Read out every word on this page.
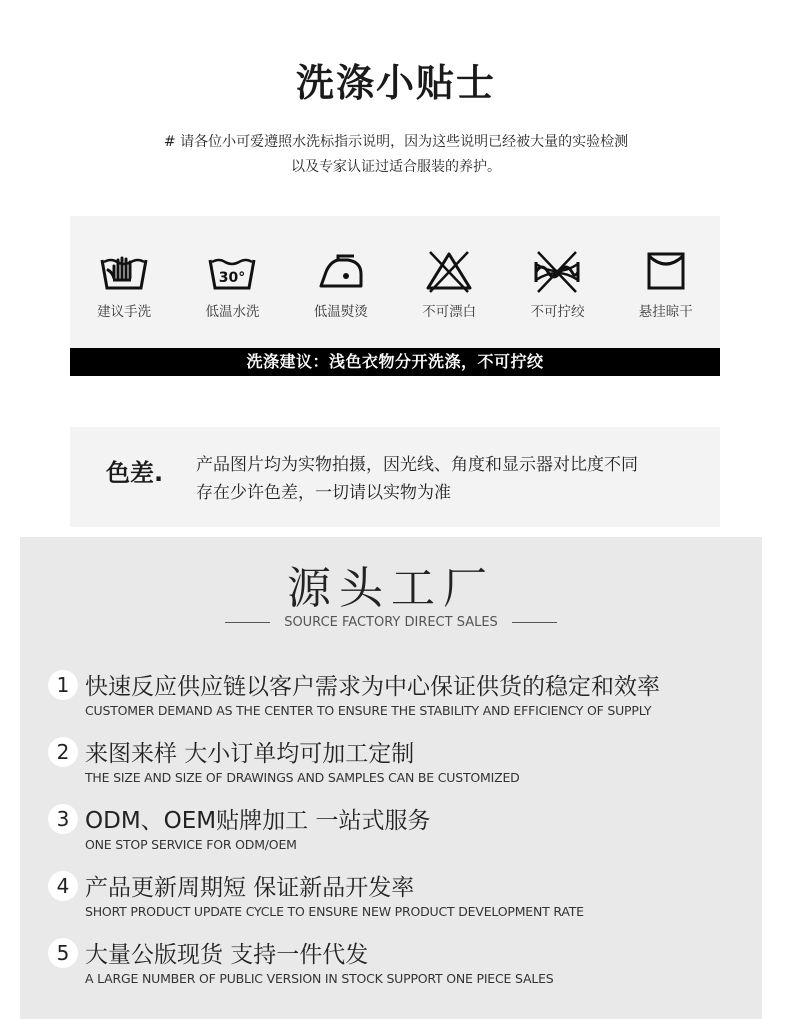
洗涤小贴士
# 请各位小可爱遵照水洗标指示说明，因为这些说明已经被大量的实验检测
以及专家认证过适合服装的养护。
建议手洗
30°
低温水洗	低温熨烫	不可漂白	不可拧绞	悬挂晾干
洗涤建议：浅色衣物分开洗涤，不可拧绞
色差. 产品图片均为实物拍摄，因光线、角度和显示器对比度不同
存在少许色差，一切请以实物为准
源头工厂
SOURCE FACTORY DIRECT SALES
1 快速反应供应链以客户需求为中心保证供货的稳定和效率
CUSTOMER DEMAND AS THE CENTER TO ENSURE THE STABILITY AND EFFICIENCY OF SUPPLY
2 来图来样 大小订单均可加工定制
THE SIZE AND SIZE OF DRAWINGS AND SAMPLES CAN BE CUSTOMIZED
3 ODM、OEM贴牌加工 一站式服务
ONE STOP SERVICE FOR ODM/OEM
4 产品更新周期短 保证新品开发率
SHORT PRODUCT UPDATE CYCLE TO ENSURE NEW PRODUCT DEVELOPMENT RATE
5 大量公版现货 支持一件代发
A LARGE NUMBER OF PUBLIC VERSION IN STOCK SUPPORT ONE PIECE SALES
